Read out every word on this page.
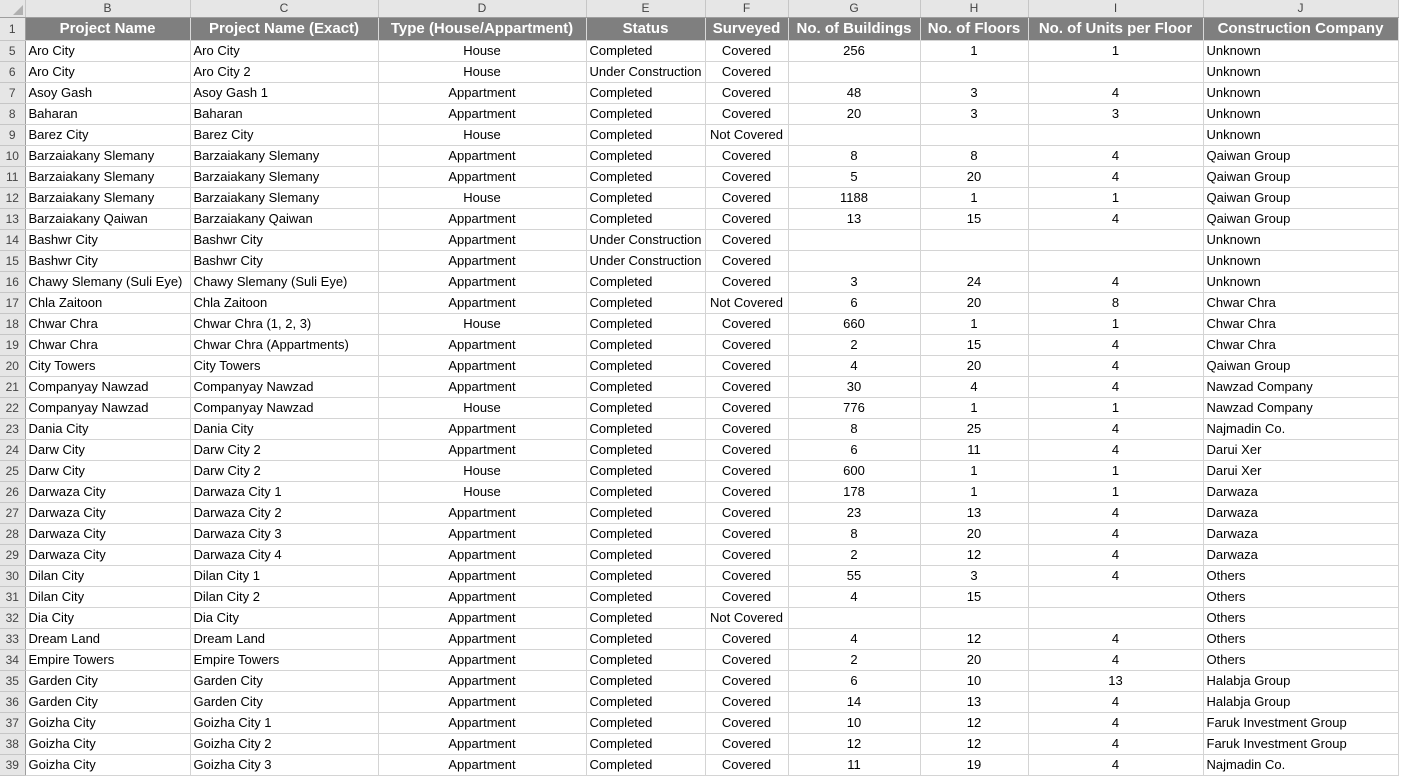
	B	C	D	E	F	G	H	I	J
1	Project Name	Project Name (Exact)	Type (House/Appartment)	Status	Surveyed	No. of Buildings	No. of Floors	No. of Units per Floor	Construction Company
5	Aro City	Aro City	House	Completed	Covered	256	1	1	Unknown
6	Aro City	Aro City 2	House	Under Construction	Covered				Unknown
7	Asoy Gash	Asoy Gash 1	Appartment	Completed	Covered	48	3	4	Unknown
8	Baharan	Baharan	Appartment	Completed	Covered	20	3	3	Unknown
9	Barez City	Barez City	House	Completed	Not Covered				Unknown
10	Barzaiakany Slemany	Barzaiakany Slemany	Appartment	Completed	Covered	8	8	4	Qaiwan Group
11	Barzaiakany Slemany	Barzaiakany Slemany	Appartment	Completed	Covered	5	20	4	Qaiwan Group
12	Barzaiakany Slemany	Barzaiakany Slemany	House	Completed	Covered	1188	1	1	Qaiwan Group
13	Barzaiakany Qaiwan	Barzaiakany Qaiwan	Appartment	Completed	Covered	13	15	4	Qaiwan Group
14	Bashwr City	Bashwr City	Appartment	Under Construction	Covered				Unknown
15	Bashwr City	Bashwr City	Appartment	Under Construction	Covered				Unknown
16	Chawy Slemany (Suli Eye)	Chawy Slemany (Suli Eye)	Appartment	Completed	Covered	3	24	4	Unknown
17	Chla Zaitoon	Chla Zaitoon	Appartment	Completed	Not Covered	6	20	8	Chwar Chra
18	Chwar Chra	Chwar Chra (1, 2, 3)	House	Completed	Covered	660	1	1	Chwar Chra
19	Chwar Chra	Chwar Chra (Appartments)	Appartment	Completed	Covered	2	15	4	Chwar Chra
20	City Towers	City Towers	Appartment	Completed	Covered	4	20	4	Qaiwan Group
21	Companyay Nawzad	Companyay Nawzad	Appartment	Completed	Covered	30	4	4	Nawzad Company
22	Companyay Nawzad	Companyay Nawzad	House	Completed	Covered	776	1	1	Nawzad Company
23	Dania City	Dania City	Appartment	Completed	Covered	8	25	4	Najmadin Co.
24	Darw City	Darw City 2	Appartment	Completed	Covered	6	11	4	Darui Xer
25	Darw City	Darw City 2	House	Completed	Covered	600	1	1	Darui Xer
26	Darwaza City	Darwaza City 1	House	Completed	Covered	178	1	1	Darwaza
27	Darwaza City	Darwaza City 2	Appartment	Completed	Covered	23	13	4	Darwaza
28	Darwaza City	Darwaza City 3	Appartment	Completed	Covered	8	20	4	Darwaza
29	Darwaza City	Darwaza City 4	Appartment	Completed	Covered	2	12	4	Darwaza
30	Dilan City	Dilan City 1	Appartment	Completed	Covered	55	3	4	Others
31	Dilan City	Dilan City 2	Appartment	Completed	Covered	4	15		Others
32	Dia City	Dia City	Appartment	Completed	Not Covered				Others
33	Dream Land	Dream Land	Appartment	Completed	Covered	4	12	4	Others
34	Empire Towers	Empire Towers	Appartment	Completed	Covered	2	20	4	Others
35	Garden City	Garden City	Appartment	Completed	Covered	6	10	13	Halabja Group
36	Garden City	Garden City	Appartment	Completed	Covered	14	13	4	Halabja Group
37	Goizha City	Goizha City 1	Appartment	Completed	Covered	10	12	4	Faruk Investment Group
38	Goizha City	Goizha City 2	Appartment	Completed	Covered	12	12	4	Faruk Investment Group
39	Goizha City	Goizha City 3	Appartment	Completed	Covered	11	19	4	Najmadin Co.
